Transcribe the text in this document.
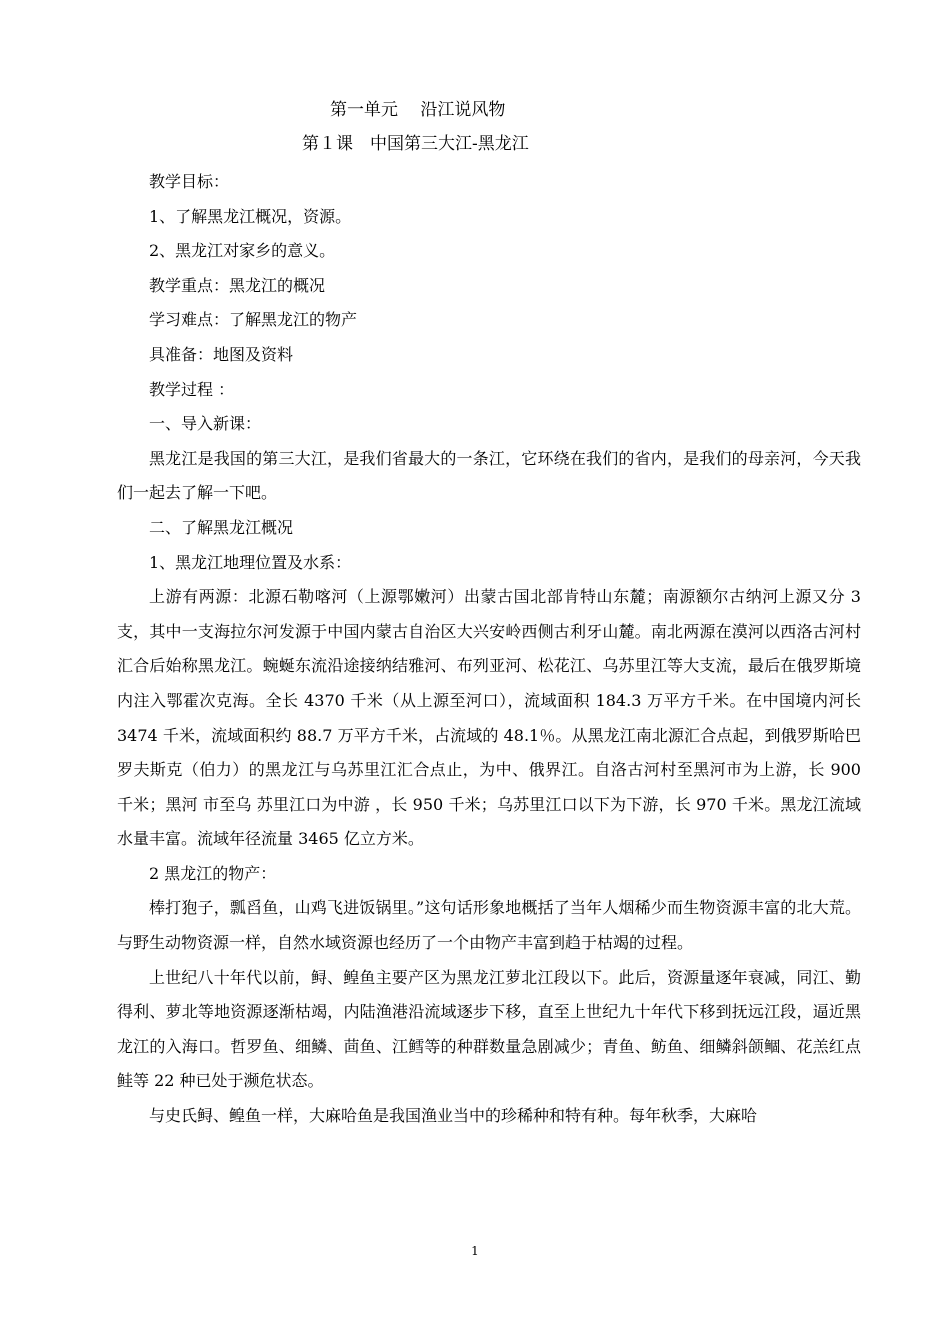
第一单元　 沿江说风物
第１课　中国第三大江-黑龙江

教学目标：

1、了解黑龙江概况，资源。

2、黑龙江对家乡的意义。

教学重点：黑龙江的概况

学习难点：了解黑龙江的物产

具准备：地图及资料

教学过程 ：

一、导入新课：

黑龙江是我国的第三大江，是我们省最大的一条江，它环绕在我们的省内，是我们的母亲河，今天我们一起去了解一下吧。

二、了解黑龙江概况

1、黑龙江地理位置及水系：

上游有两源：北源石勒喀河（上源鄂嫩河）出蒙古国北部肯特山东麓；南源额尔古纳河上源又分 3 支，其中一支海拉尔河发源于中国内蒙古自治区大兴安岭西侧古利牙山麓。南北两源在漠河以西洛古河村汇合后始称黑龙江。蜿蜒东流沿途接纳结雅河、布列亚河、松花江、乌苏里江等大支流，最后在俄罗斯境内注入鄂霍次克海。全长 4370 千米（从上源至河口），流域面积 184.3 万平方千米。在中国境内河长 3474 千米，流域面积约 88.7 万平方千米，占流域的 48.1％。从黑龙江南北源汇合点起，到俄罗斯哈巴罗夫斯克（伯力）的黑龙江与乌苏里江汇合点止，为中、俄界江。自洛古河村至黑河市为上游，长 900 千米；黑河 市至乌 苏里江口为中游 ，长 950 千米；乌苏里江口以下为下游，长 970 千米。黑龙江流域水量丰富。流域年径流量 3465 亿立方米。

2 黑龙江的物产：

棒打狍子，瓢舀鱼，山鸡飞进饭锅里。”这句话形象地概括了当年人烟稀少而生物资源丰富的北大荒。与野生动物资源一样，自然水域资源也经历了一个由物产丰富到趋于枯竭的过程。

上世纪八十年代以前，鲟、鳇鱼主要产区为黑龙江萝北江段以下。此后，资源量逐年衰减，同江、勤得利、萝北等地资源逐渐枯竭，内陆渔港沿流域逐步下移，直至上世纪九十年代下移到抚远江段，逼近黑龙江的入海口。哲罗鱼、细鳞、茴鱼、江鳕等的种群数量急剧减少；青鱼、鲂鱼、细鳞斜颌鲴、花羔红点鲑等 22 种已处于濒危状态。

与史氏鲟、鳇鱼一样，大麻哈鱼是我国渔业当中的珍稀种和特有种。每年秋季，大麻哈

1
